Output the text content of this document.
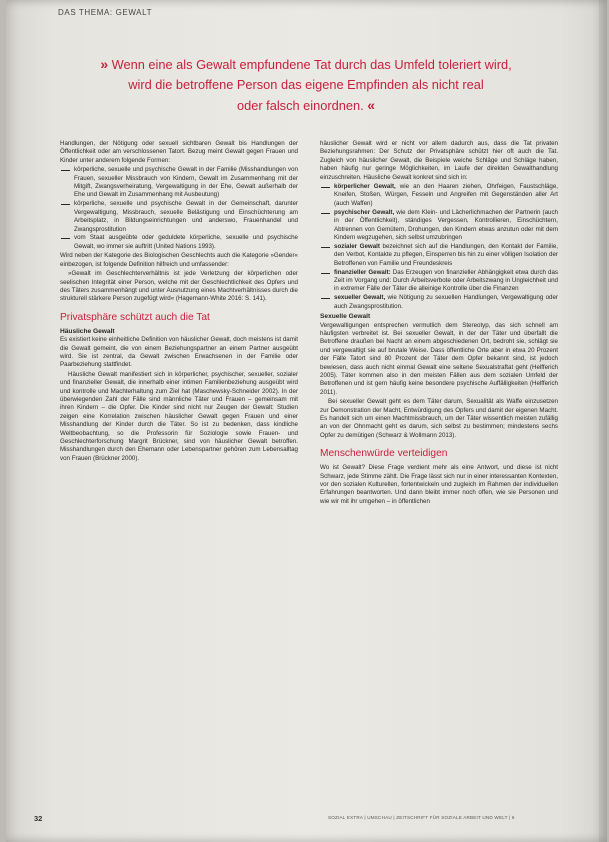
DAS THEMA: GEWALT
» Wenn eine als Gewalt empfundene Tat durch das Umfeld toleriert wird,
wird die betroffene Person das eigene Empfinden als nicht real
oder falsch einordnen. «

Handlungen, der Nötigung oder sexuell sichtbaren Gewalt bis Handlungen der Öffentlichkeit oder am verschlossenen Tatort. Bezug meint Gewalt gegen Frauen und Kinder unter anderem folgende Formen:

körperliche, sexuelle und psychische Gewalt in der Familie (Misshandlungen von Frauen, sexueller Missbrauch von Kindern, Gewalt im Zusammenhang mit der Mitgift, Zwangsverheiratung, Vergewaltigung in der Ehe, Gewalt außerhalb der Ehe und Gewalt im Zusammenhang mit Ausbeutung)
körperliche, sexuelle und psychische Gewalt in der Gemeinschaft, darunter Vergewaltigung, Missbrauch, sexuelle Belästigung und Einschüchterung am Arbeitsplatz, in Bildungseinrichtungen und anderswo, Frauenhandel und Zwangsprostitution
vom Staat ausgeübte oder geduldete körperliche, sexuelle und psychische Gewalt, wo immer sie auftritt (United Nations 1993).

Wird neben der Kategorie des Biologischen Geschlechts auch die Kategorie »Gender« einbezogen, ist folgende Definition hilfreich und umfassender:

»Gewalt im Geschlechterverhältnis ist jede Verletzung der körperlichen oder seelischen Integrität einer Person, welche mit der Geschlechtlichkeit des Opfers und des Täters zusammenhängt und unter Ausnutzung eines Machtverhältnisses durch die strukturell stärkere Person zugefügt wird« (Hagemann-White 2016: S. 141).

Privatsphäre schützt auch die Tat
Häusliche Gewalt

Es existiert keine einheitliche Definition von häuslicher Gewalt, doch meistens ist damit die Gewalt gemeint, die von einem Beziehungspartner an einem Partner ausgeübt wird. Sie ist zentral, da Gewalt zwischen Erwachsenen in der Familie oder Paarbeziehung stattfindet.

Häusliche Gewalt manifestiert sich in körperlicher, psychischer, sexueller, sozialer und finanzieller Gewalt, die innerhalb einer intimen Familienbeziehung ausgeübt wird und kontrolle und Machterhaltung zum Ziel hat (Maschewsky-Schneider 2002). In der überwiegenden Zahl der Fälle sind männliche Täter und Frauen – gemeinsam mit ihren Kindern – die Opfer. Die Kinder sind nicht nur Zeugen der Gewalt: Studien zeigen eine Korrelation zwischen häuslicher Gewalt gegen Frauen und einer Misshandlung der Kinder durch die Täter. So ist zu bedenken, dass kindliche Weltbeobachtung, so die Professorin für Soziologie sowie Frauen- und Geschlechterforschung Margrit Brückner, sind von häuslicher Gewalt betroffen. Misshandlungen durch den Ehemann oder Lebenspartner gehören zum Lebensalltag von Frauen (Brückner 2000).

häuslicher Gewalt wird er nicht vor allem dadurch aus, dass die Tat privaten Beziehungsrahmen: Der Schutz der Privatsphäre schützt hier oft auch die Tat. Zugleich von häuslicher Gewalt, die Beispiele weiche Schläge und Schläge haben, haben häufig nur geringe Möglichkeiten, im Laufe der direkten Gewalthandlung einzuschreiten. Häusliche Gewalt konkret sind sich in:

körperlicher Gewalt, wie an den Haaren ziehen, Ohrfeigen, Faustschläge, Kneifen, Stoßen, Würgen, Fesseln und Angreifen mit Gegenständen aller Art (auch Waffen)
psychischer Gewalt, wie dem Klein- und Lächerlichmachen der Partnerin (auch in der Öffentlichkeit), ständiges Vergessen, Kontrollieren, Einschüchtern, Abtrennen von Gemütern, Drohungen, den Kindern etwas anzutun oder mit dem Kindern wegzugehen, sich selbst umzubringen
sozialer Gewalt bezeichnet sich auf die Handlungen, den Kontakt der Familie, den Verbot, Kontakte zu pflegen, Einsperren bis hin zu einer völligen Isolation der Betroffenen von Familie und Freundeskreis
finanzieller Gewalt: Das Erzeugen von finanzieller Abhängigkeit etwa durch das Zeit im Vorgang und: Durch Arbeitsverbote oder Arbeitszwang in Ungleichheit und in extremer Fälle der Täter die alleinige Kontrolle über die Finanzen
sexueller Gewalt, wie Nötigung zu sexuellen Handlungen, Vergewaltigung oder auch Zwangsprostitution.
Sexuelle Gewalt

Vergewaltigungen entsprechen vermutlich dem Stereotyp, das sich schnell am häufigsten verbreitet ist. Bei sexueller Gewalt, in der der Täter und überfallt die Betroffene draußen bei Nacht an einem abgeschiedenen Ort, bedroht sie, schlägt sie und vergewaltigt sie auf brutale Weise. Dass öffentliche Orte aber in etwa 20 Prozent der Fälle Tatort sind 80 Prozent der Täter dem Opfer bekannt sind, ist jedoch bewiesen, dass auch nicht einmal Gewalt eine seltene Sexualstraftat geht (Helfferich 2005). Täter kommen also in den meisten Fällen aus dem sozialen Umfeld der Betroffenen und ist gern häufig keine besondere psychische Auffälligkeiten (Helfferich 2011).

Bei sexueller Gewalt geht es dem Täter darum, Sexualität als Waffe einzusetzen zur Demonstration der Macht, Entwürdigung des Opfers und damit der eigenen Macht. Es handelt sich um einen Machtmissbrauch, um der Täter wissentlich meisten zufällig an von der Ohnmacht geht es darum, sich selbst zu bestimmen; mindestens sechs Opfer zu demütigen (Schwarz & Wollmann 2013).

Menschenwürde verteidigen

Wo ist Gewalt? Diese Frage verdient mehr als eine Antwort, und diese ist nicht Schwarz, jede Stimme zählt. Die Frage lässt sich nur in einer interessanten Kontexten, vor den sozialen Kulturellen, fortentwickeln und zugleich im Rahmen der individuellen Erfahrungen beantworten. Und dann bleibt immer noch offen, wie sie Personen und wie wir mit ihr umgehen – in öffentlichen

32	SOZIAL EXTRA | UMSCHAU | ZEITSCHRIFT FÜR SOZIALE ARBEIT UND WELT | 6
